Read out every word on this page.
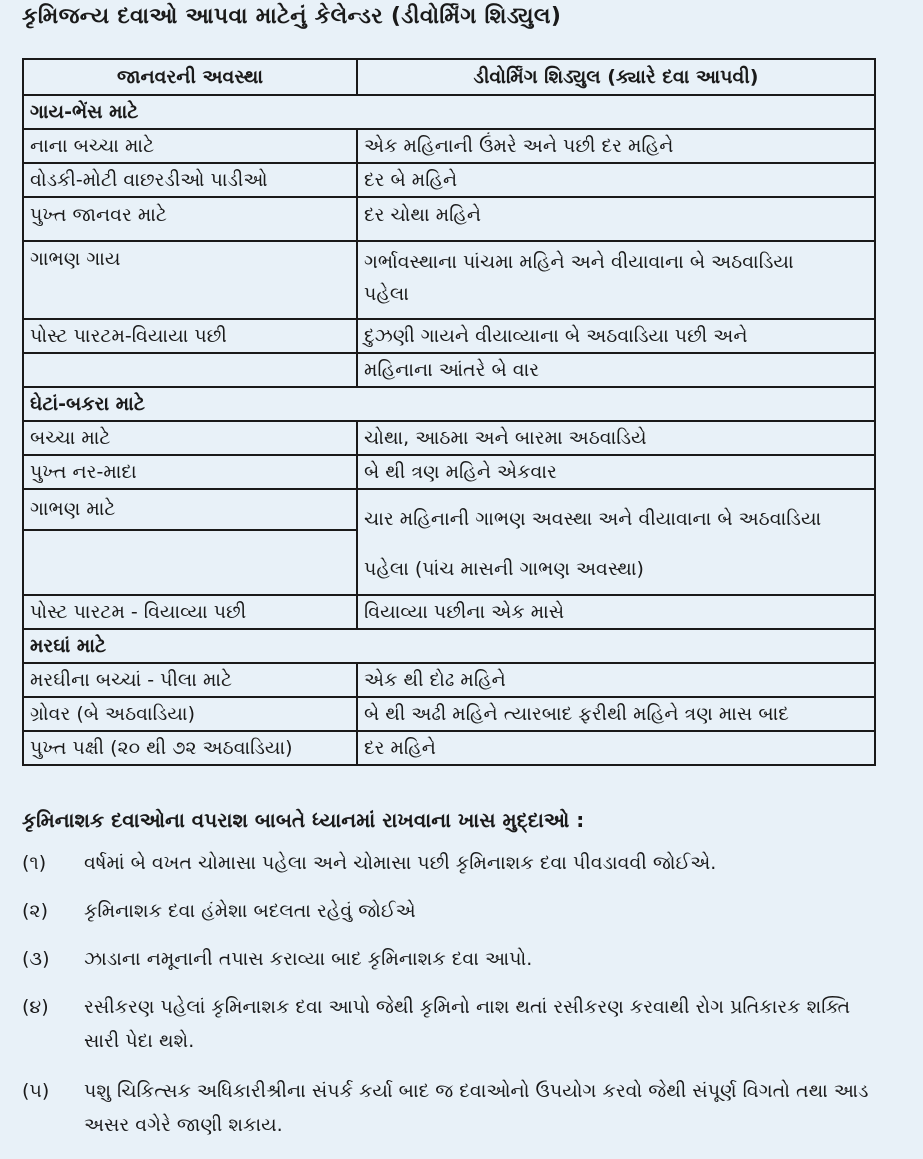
કૃમિજન્ય દવાઓ આપવા માટેનું કેલેન્ડર (ડીવોર્મિંગ શિડ્યુલ)
જાનવરની અવસ્થા	ડીવોર્મિંગ શિડ્યુલ (ક્યારે દવા આપવી)
ગાય-ભેંસ માટે	
નાના બચ્ચા માટે	એક મહિનાની ઉંમરે અને પછી દર મહિને
વોડકી-મોટી વાછરડીઓ પાડીઓ	દર બે મહિને
પુખ્ત જાનવર માટે	દર ચોથા મહિને
ગાભણ ગાય	ગર્ભાવસ્થાના પાંચમા મહિને અને વીયાવાના બે અઠવાડિયા
પહેલા
પોસ્ટ પારટમ-વિયાયા પછી	દુઝણી ગાયને વીયાવ્યાના બે અઠવાડિયા પછી અને
	મહિનાના આંતરે બે વાર
ઘેટાં-બકરા માટે	
બચ્ચા માટે	ચોથા, આઠમા અને બારમા અઠવાડિયે
પુખ્ત નર-માદા	બે થી ત્રણ મહિને એકવાર
ગાભણ માટે	ચાર મહિનાની ગાભણ અવસ્થા અને વીયાવાના બે અઠવાડિયા
પહેલા (પાંચ માસની ગાભણ અવસ્થા)

પોસ્ટ પારટમ - વિયાવ્યા પછી	વિયાવ્યા પછીના એક માસે
મરઘાં માટે	
મરઘીના બચ્ચાં - પીલા માટે	એક થી દોઢ મહિને
ગ્રોવર (બે અઠવાડિયા)	બે થી અઢી મહિને ત્યારબાદ ફરીથી મહિને ત્રણ માસ બાદ
પુખ્ત પક્ષી (૨૦ થી ૭૨ અઠવાડિયા)	દર મહિને
કૃમિનાશક દવાઓના વપરાશ બાબતે ધ્યાનમાં રાખવાના ખાસ મુદ્દાઓ :
(૧)	વર્ષમાં બે વખત ચોમાસા પહેલા અને ચોમાસા પછી કૃમિનાશક દવા પીવડાવવી જોઈએ.
(૨)	કૃમિનાશક દવા હંમેશા બદલતા રહેવું જોઈએ
(૩)	ઝાડાના નમૂનાની તપાસ કરાવ્યા બાદ કૃમિનાશક દવા આપો.
(૪)	રસીકરણ પહેલાં કૃમિનાશક દવા આપો જેથી કૃમિનો નાશ થતાં રસીકરણ કરવાથી રોગ પ્રતિકારક શક્તિ સારી પેદા થશે.
(૫)	પશુ ચિકિત્સક અધિકારીશ્રીના સંપર્ક કર્યા બાદ જ દવાઓનો ઉપયોગ કરવો જેથી સંપૂર્ણ વિગતો તથા આડ અસર વગેરે જાણી શકાય.
